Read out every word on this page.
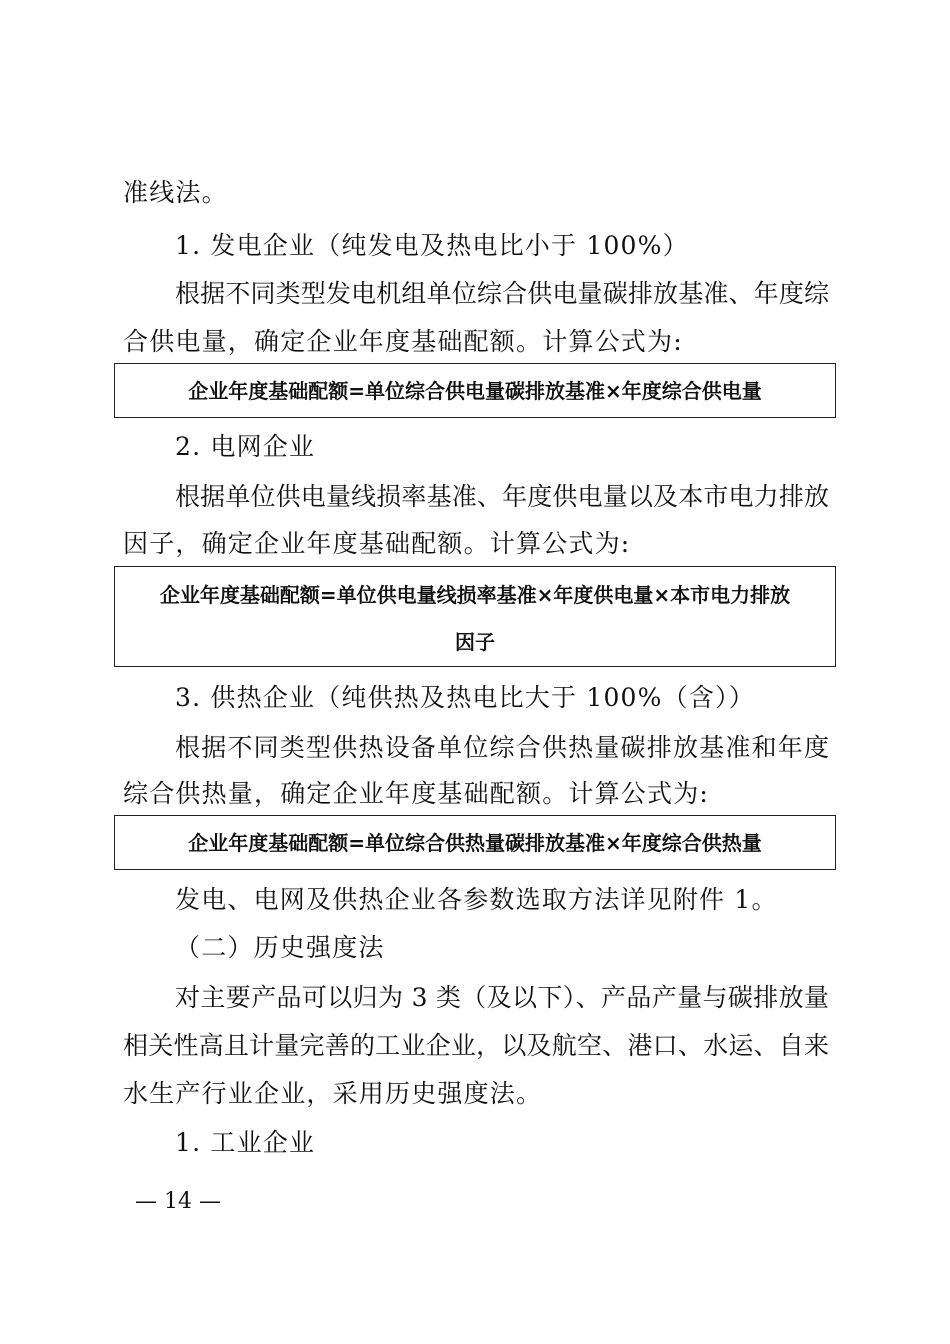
准线法。
1. 发电企业（纯发电及热电比小于 100%）
根据不同类型发电机组单位综合供电量碳排放基准、年度综
合供电量，确定企业年度基础配额。计算公式为:
企业年度基础配额=单位综合供电量碳排放基准×年度综合供电量
2. 电网企业
根据单位供电量线损率基准、年度供电量以及本市电力排放
因子，确定企业年度基础配额。计算公式为:
企业年度基础配额=单位供电量线损率基准×年度供电量×本市电力排放
因子
3. 供热企业（纯供热及热电比大于 100%（含））
根据不同类型供热设备单位综合供热量碳排放基准和年度
综合供热量，确定企业年度基础配额。计算公式为:
企业年度基础配额=单位综合供热量碳排放基准×年度综合供热量
发电、电网及供热企业各参数选取方法详见附件 1。
（二）历史强度法
对主要产品可以归为 3 类（及以下）、产品产量与碳排放量
相关性高且计量完善的工业企业，以及航空、港口、水运、自来
水生产行业企业，采用历史强度法。
1. 工业企业
— 14 —
